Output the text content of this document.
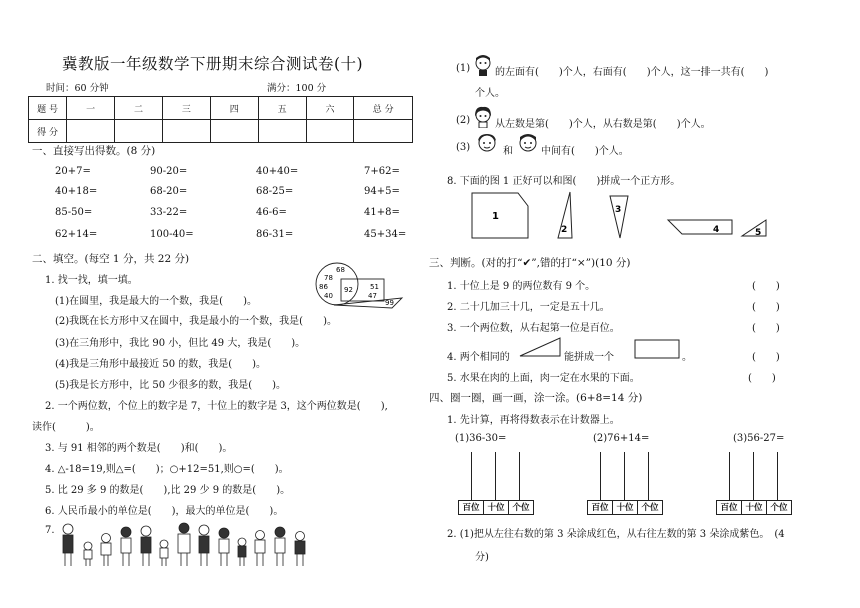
冀教版一年级数学下册期末综合测试卷(十)
时间：60 分钟	满分：100 分
题 号	一	二	三	四	五	六	总 分
得 分							
一、直接写出得数。(8 分)
20+7=	90-20=	40+40=	7+62=
40+18=	68-20=	68-25=	94+5=
85-50=	33-22=	46-6=	41+8=
62+14=	100-40=	86-31=	45+34=
二、填空。(每空 1 分，共 22 分)
1. 找一找，填一填。
(1)在圆里，我是最大的一个数，我是(　　)。
(2)我既在长方形中又在圆中，我是最小的一个数，我是(　　)。
(3)在三角形中，我比 90 小，但比 49 大，我是(　　)。
(4)我是三角形中最接近 50 的数，我是(　　)。
(5)我是长方形中，比 50 少很多的数，我是(　　)。
68
78
86
40
92 51
47
99
2. 一个两位数，个位上的数字是 7，十位上的数字是 3，这个两位数是(　　),
读作(　　　)。
3. 与 91 相邻的两个数是(　　)和(　　)。
4. △-18=19,则△=(　　)；○+12=51,则○=(　　)。
5. 比 29 多 9 的数是(　　),比 29 少 9 的数是(　　)。
6. 人民币最小的单位是(　　)，最大的单位是(　　)。
7.
(1) 的左面有(　　)个人，右面有(　　)个人，这一排一共有(　　)
个人。
(2) 从左数是第(　　)个人，从右数是第(　　)个人。
(3)	和	中间有(　　)个人。
8. 下面的图 1 正好可以和图(　　)拼成一个正方形。
1
2
3
4	5
三、判断。(对的打“✔”,错的打“×”)(10 分)
1. 十位上是 9 的两位数有 9 个。	(　　)
2. 二十几加三十几，一定是五十几。	(　　)
3. 一个两位数，从右起第一位是百位。	(　　)
4. 两个相同的	能拼成一个	。	(　　)
5. 水果在肉的上面，肉一定在水果的下面。	(　　)
四、圈一圈，画一画，涂一涂。(6+8=14 分)
1. 先计算，再将得数表示在计数器上。
(1)36-30=	(2)76+14=	(3)56-27=
百位 十位 个位	百位 十位 个位	百位 十位 个位
2. (1)把从左往右数的第 3 朵涂成红色，从右往左数的第 3 朵涂成紫色。　(4
分)
